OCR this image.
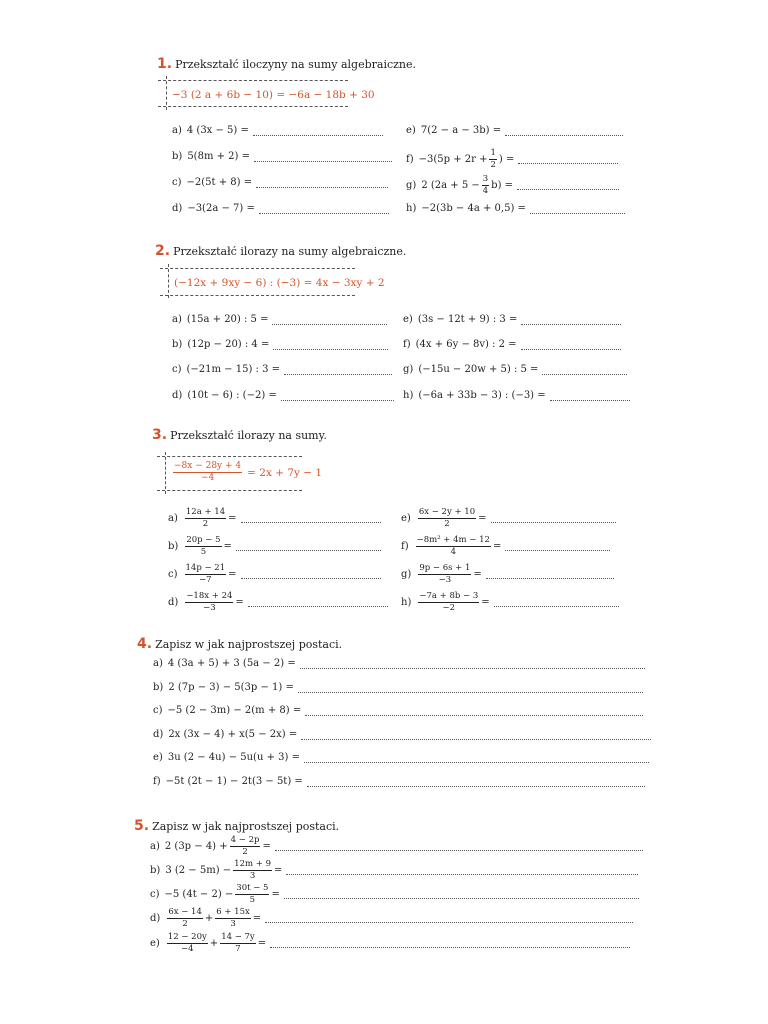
1. Przekształć iloczyny na sumy algebraiczne.
−3 (2 a + 6b − 10) = −6a − 18b + 30
a) 4 (3x − 5) =
b) 5(8m + 2) =
c) −2(5t + 8) =
d) −3(2a − 7) =
e) 7(2 − a − 3b) =
$f) -3(5p + 2r + \frac{1}{2}$ ) =
g) 2 $(2a + 5 - \frac{3}{4} b)$ =
h) −2(3b − 4a + 0,5) =
2. Przekształć ilorazy na sumy algebraiczne.
(−12x + 9xy − 6) : (−3) = 4x − 3xy + 2
a) (15a + 20) : 5 =
b) (12p − 20) : 4 =
c) (−21m − 15) : 3 =
d) (10t − 6) : (−2) =
e) (3s − 12t + 9) : 3 =
f) (4x + 6y − 8v) : 2 =
g) (−15u − 20w + 5) : 5 =
h) (−6a + 33b − 3) : (−3) =
3. Przekształć ilorazy na sumy.
$\frac{-8x - 28y + 4}{-4} = 2x + 7y - 1$
$a) \frac{12a + 14}{2}$ =
$b) \frac{20p - 5}{5}$ =
$c) \frac{14p - 21}{-7}$ =
$d) \frac{-18x + 24}{-3}$ =
$e) \frac{6x - 2y + 10}{2}$ =
$f) \frac{\text{−8m² + 4m − 12}}{4}$ =
$g) \frac{9p - 6s + 1}{-3}$ =
$h) \frac{-7a + 8b - 3}{-2}$ =
4. Zapisz w jak najprostszej postaci.
a) 4 (3a + 5) + 3 (5a − 2) =
b) 2 (7p − 3) − 5(3p − 1) =
c) −5 (2 − 3m) − 2(m + 8) =
d) 2x (3x − 4) + x(5 − 2x) =
e) 3u (2 − 4u) − 5u(u + 3) =
f) −5t (2t − 1) − 2t(3 − 5t) =
5. Zapisz w jak najprostszej postaci.
a) 2 $(3p - 4) + \frac{4 - 2p}{2}$ =
b) 3 $(2 - 5m) - \frac{12m + 9}{3}$ =
c) −5 $(4t - 2) - \frac{30t - 5}{5}$ =
$d) \frac{6x - 14}{2} + \frac{6 + 15x}{3}$ =
$e) \frac{12 - 20y}{-4} + \frac{14 - 7y}{7}$ =
